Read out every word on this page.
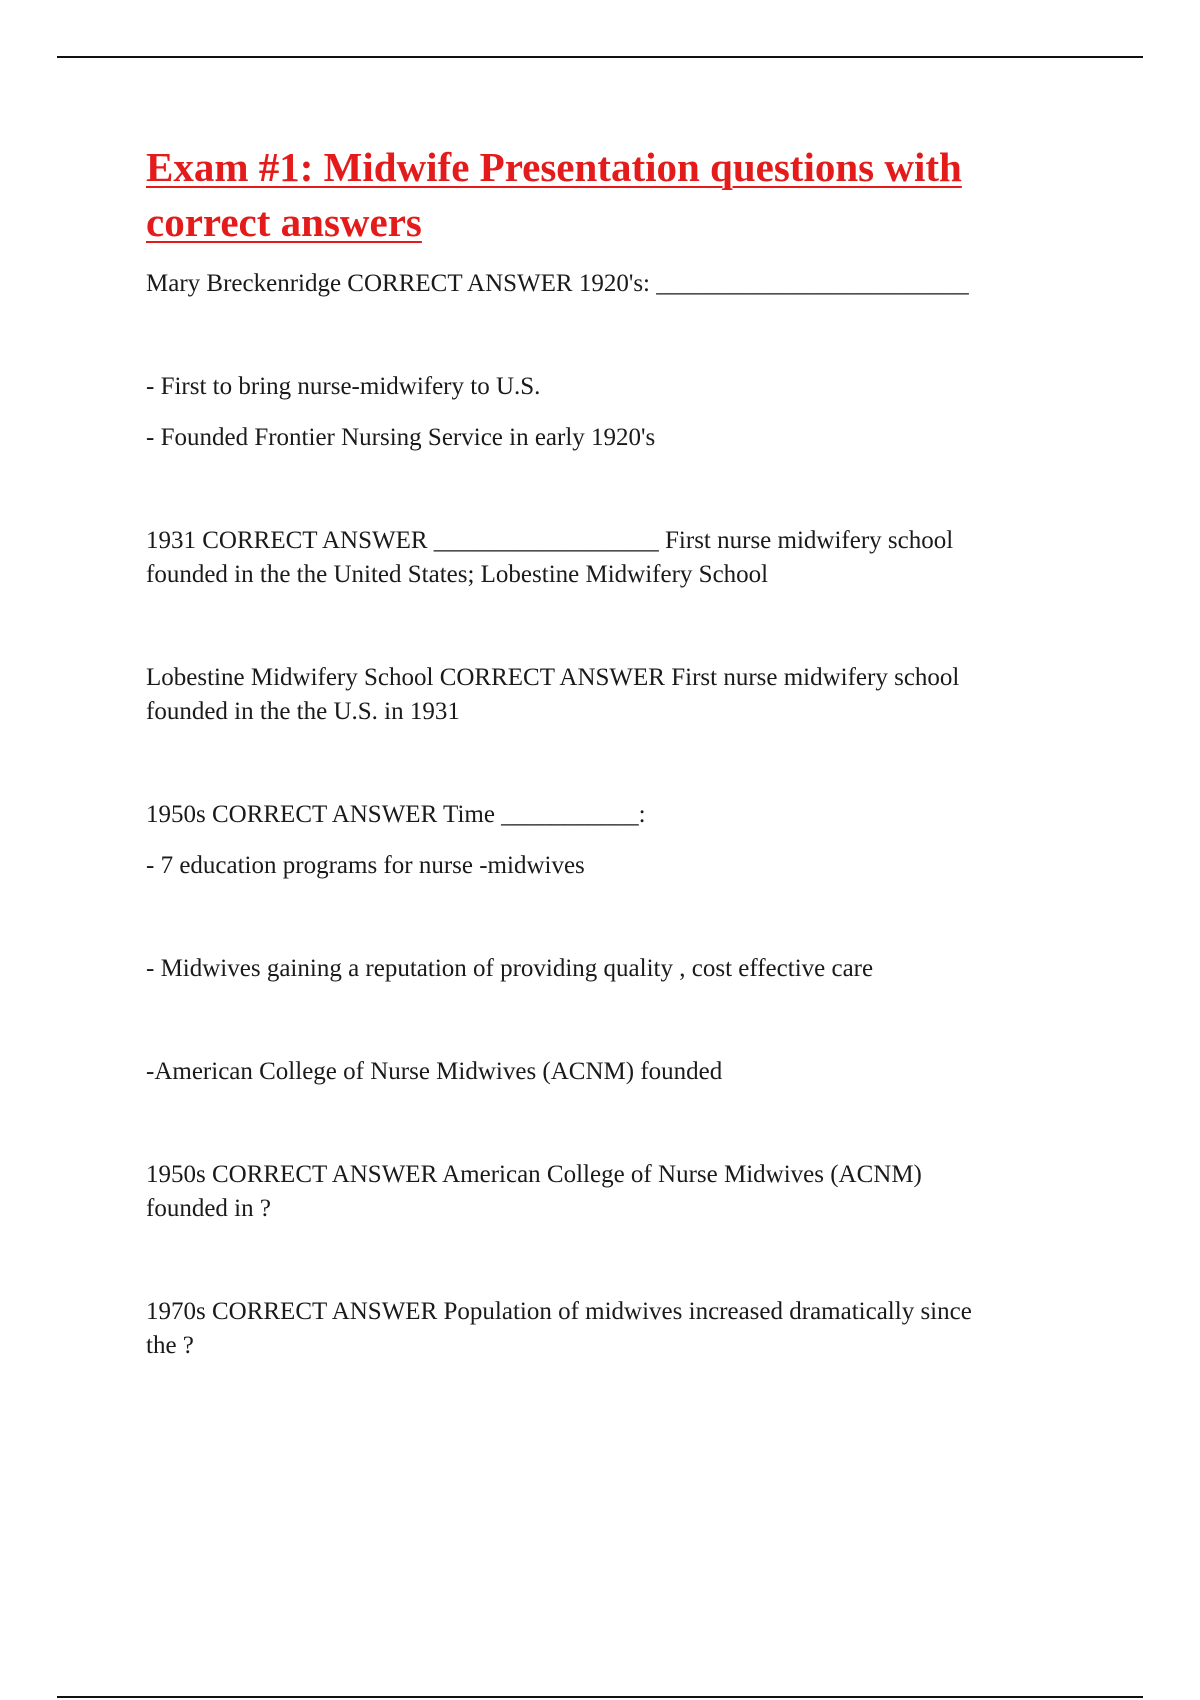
Exam #1: Midwife Presentation questions with
correct answers

Mary Breckenridge CORRECT ANSWER 1920's: _________________________

- First to bring nurse-midwifery to U.S.

- Founded Frontier Nursing Service in early 1920's

1931 CORRECT ANSWER __________________ First nurse midwifery school

founded in the the United States; Lobestine Midwifery School

Lobestine Midwifery School CORRECT ANSWER First nurse midwifery school

founded in the the U.S. in 1931

1950s CORRECT ANSWER Time ___________:

- 7 education programs for nurse -midwives

- Midwives gaining a reputation of providing quality , cost effective care

-American College of Nurse Midwives (ACNM) founded

1950s CORRECT ANSWER American College of Nurse Midwives (ACNM)

founded in ?

1970s CORRECT ANSWER Population of midwives increased dramatically since

the ?
